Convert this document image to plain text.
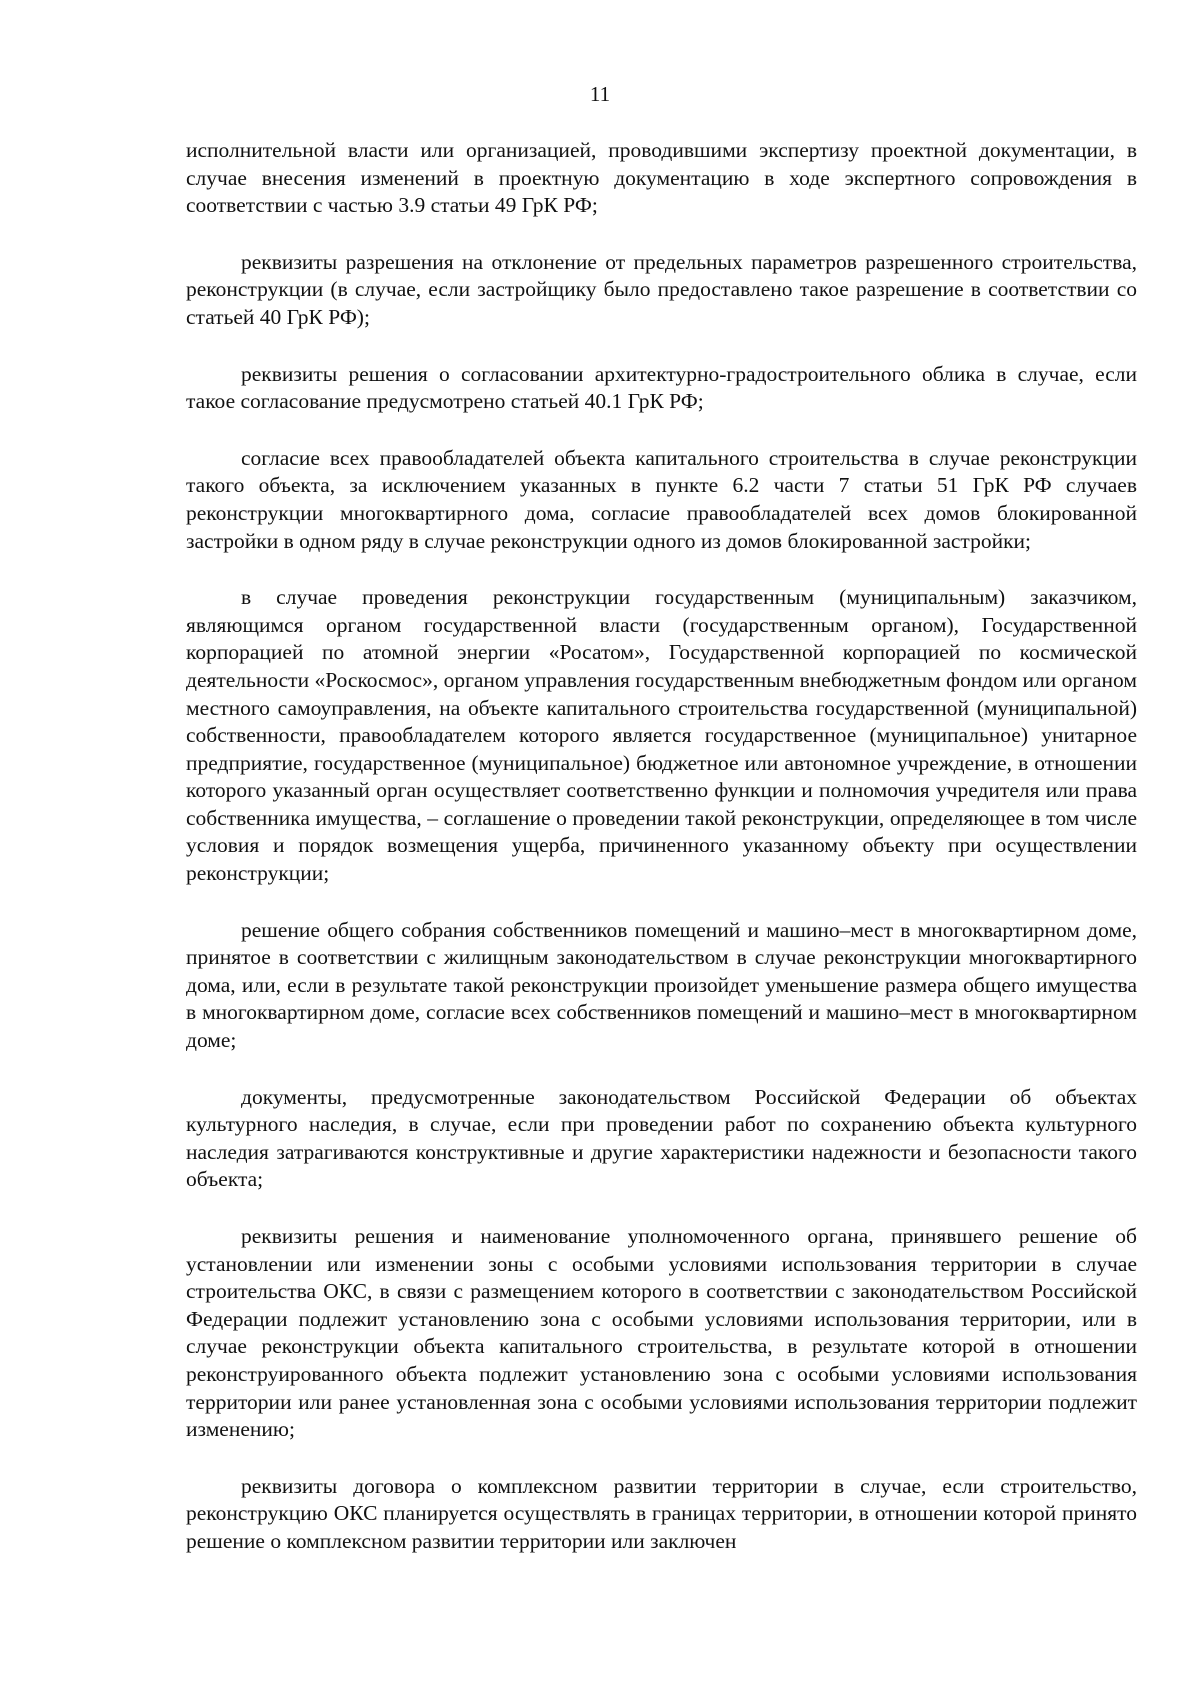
11

исполнительной власти или организацией, проводившими экспертизу проектной документации, в случае внесения изменений в проектную документацию в ходе экспертного сопровождения в соответствии с частью 3.9 статьи 49 ГрК РФ;

реквизиты разрешения на отклонение от предельных параметров разрешенного строительства, реконструкции (в случае, если застройщику было предоставлено такое разрешение в соответствии со статьей 40 ГрК РФ);

реквизиты решения о согласовании архитектурно-градостроительного облика в случае, если такое согласование предусмотрено статьей 40.1 ГрК РФ;

согласие всех правообладателей объекта капитального строительства в случае реконструкции такого объекта, за исключением указанных в пункте 6.2 части 7 статьи 51 ГрК РФ случаев реконструкции многоквартирного дома, согласие правообладателей всех домов блокированной застройки в одном ряду в случае реконструкции одного из домов блокированной застройки;

в случае проведения реконструкции государственным (муниципальным) заказчиком, являющимся органом государственной власти (государственным органом), Государственной корпорацией по атомной энергии «Росатом», Государственной корпорацией по космической деятельности «Роскосмос», органом управления государственным внебюджетным фондом или органом местного самоуправления, на объекте капитального строительства государственной (муниципальной) собственности, правообладателем которого является государственное (муниципальное) унитарное предприятие, государственное (муниципальное) бюджетное или автономное учреждение, в отношении которого указанный орган осуществляет соответственно функции и полномочия учредителя или права собственника имущества, – соглашение о проведении такой реконструкции, определяющее в том числе условия и порядок возмещения ущерба, причиненного указанному объекту при осуществлении реконструкции;

решение общего собрания собственников помещений и машино–мест в многоквартирном доме, принятое в соответствии с жилищным законодательством в случае реконструкции многоквартирного дома, или, если в результате такой реконструкции произойдет уменьшение размера общего имущества в многоквартирном доме, согласие всех собственников помещений и машино–мест в многоквартирном доме;

документы, предусмотренные законодательством Российской Федерации об объектах культурного наследия, в случае, если при проведении работ по сохранению объекта культурного наследия затрагиваются конструктивные и другие характеристики надежности и безопасности такого объекта;

реквизиты решения и наименование уполномоченного органа, принявшего решение об установлении или изменении зоны с особыми условиями использования территории в случае строительства ОКС, в связи с размещением которого в соответствии с законодательством Российской Федерации подлежит установлению зона с особыми условиями использования территории, или в случае реконструкции объекта капитального строительства, в результате которой в отношении реконструированного объекта подлежит установлению зона с особыми условиями использования территории или ранее установленная зона с особыми условиями использования территории подлежит изменению;

реквизиты договора о комплексном развитии территории в случае, если строительство, реконструкцию ОКС планируется осуществлять в границах территории, в отношении которой принято решение о комплексном развитии территории или заключен
